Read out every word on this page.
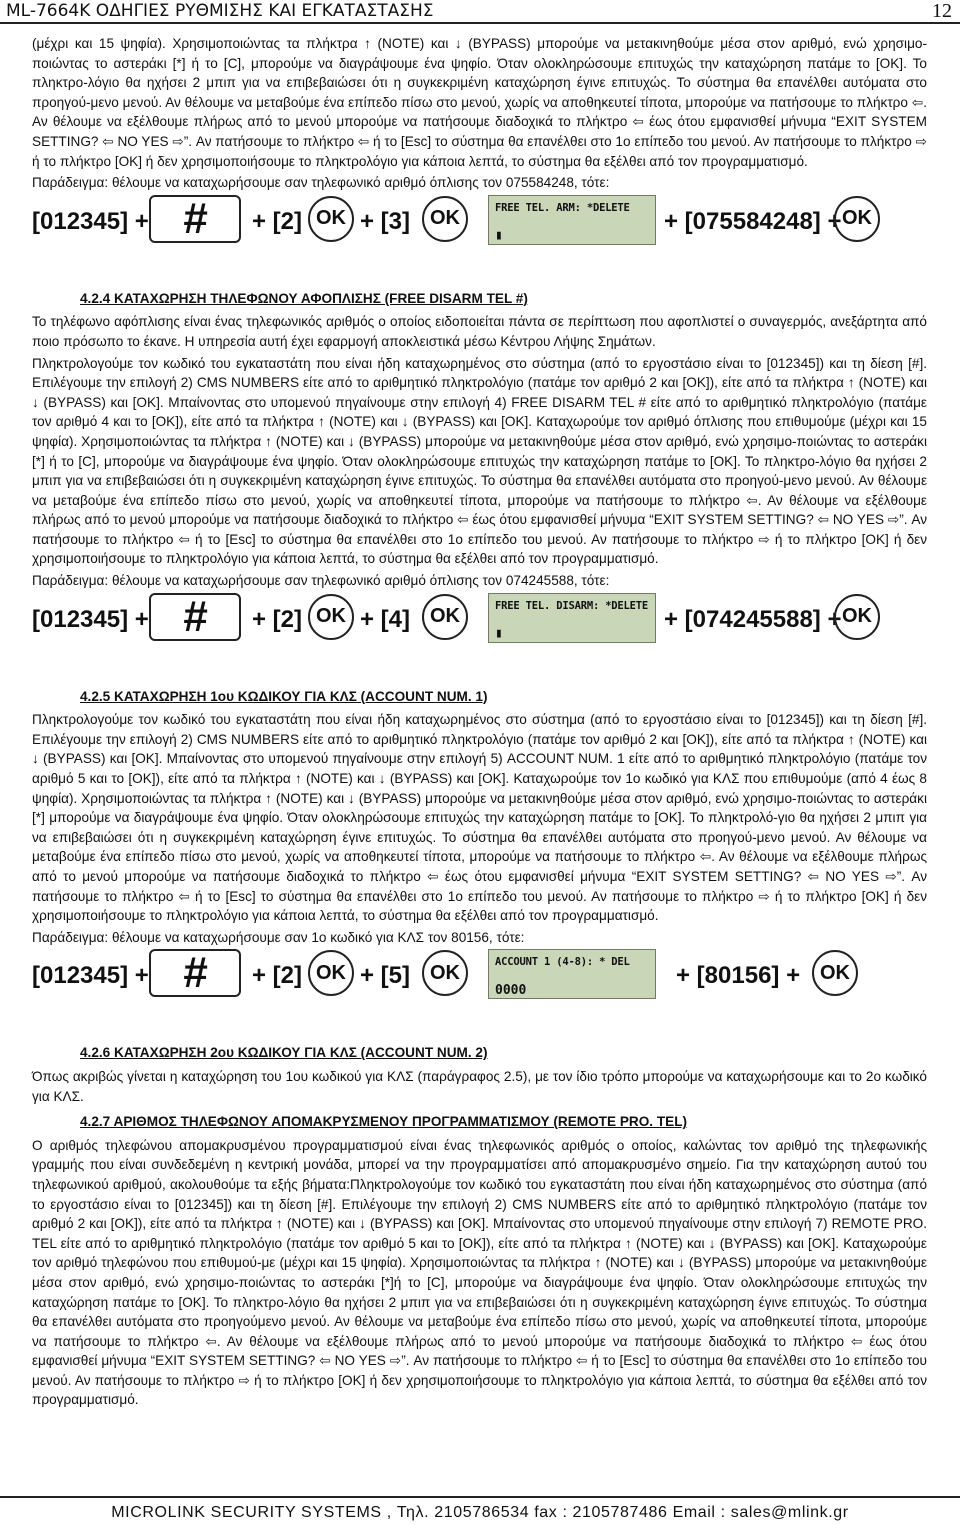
ML-7664K ΟΔΗΓΙΕΣ ΡΥΘΜΙΣΗΣ ΚΑΙ ΕΓΚΑΤΑΣΤΑΣΗΣ	12

(μέχρι και 15 ψηφία). Χρησιμοποιώντας τα πλήκτρα ↑ (NOTE) και ↓ (BYPASS) μπορούμε να μετακινηθούμε μέσα στον αριθμό, ενώ χρησιμο-ποιώντας το αστεράκι [*] ή το [C], μπορούμε να διαγράψουμε ένα ψηφίο. Όταν ολοκληρώσουμε επιτυχώς την καταχώρηση πατάμε το [OK]. Το πληκτρο-λόγιο θα ηχήσει 2 μπιπ για να επιβεβαιώσει ότι η συγκεκριμένη καταχώρηση έγινε επιτυχώς. Το σύστημα θα επανέλθει αυτόματα στο προηγού-μενο μενού. Αν θέλουμε να μεταβούμε ένα επίπεδο πίσω στο μενού, χωρίς να αποθηκευτεί τίποτα, μπορούμε να πατήσουμε το πλήκτρο ⇦. Αν θέλουμε να εξέλθουμε πλήρως από το μενού μπορούμε να πατήσουμε διαδοχικά το πλήκτρο ⇦ έως ότου εμφανισθεί μήνυμα “EXIT SYSTEM SETTING? ⇦ NO YES ⇨”. Αν πατήσουμε το πλήκτρο ⇦ ή το [Esc] το σύστημα θα επανέλθει στο 1ο επίπεδο του μενού. Αν πατήσουμε το πλήκτρο ⇨ ή το πλήκτρο [OK] ή δεν χρησιμοποιήσουμε το πληκτρολόγιο για κάποια λεπτά, το σύστημα θα εξέλθει από τον προγραμματισμό.

Παράδειγμα: θέλουμε να καταχωρήσουμε σαν τηλεφωνικό αριθμό όπλισης τον 075584248, τότε:

[012345] + # + [2] OK + [3] OK	FREE TEL. ARM: *DELETE
▮
+ [075584248] + OK

4.2.4 ΚΑΤΑΧΩΡΗΣΗ ΤΗΛΕΦΩΝΟΥ ΑΦΟΠΛΙΣΗΣ (FREE DISARM TEL #)

Το τηλέφωνο αφόπλισης είναι ένας τηλεφωνικός αριθμός ο οποίος ειδοποιείται πάντα σε περίπτωση που αφοπλιστεί ο συναγερμός, ανεξάρτητα από ποιο πρόσωπο το έκανε. Η υπηρεσία αυτή έχει εφαρμογή αποκλειστικά μέσω Κέντρου Λήψης Σημάτων.

Πληκτρολογούμε τον κωδικό του εγκαταστάτη που είναι ήδη καταχωρημένος στο σύστημα (από το εργοστάσιο είναι το [012345]) και τη δίεση [#]. Επιλέγουμε την επιλογή 2) CMS NUMBERS είτε από το αριθμητικό πληκτρολόγιο (πατάμε τον αριθμό 2 και [OK]), είτε από τα πλήκτρα ↑ (NOTE) και ↓ (BYPASS) και [OK]. Μπαίνοντας στο υπομενού πηγαίνουμε στην επιλογή 4) FREE DISARM TEL # είτε από το αριθμητικό πληκτρολόγιο (πατάμε τον αριθμό 4 και το [OK]), είτε από τα πλήκτρα ↑ (NOTE) και ↓ (BYPASS) και [OK]. Καταχωρούμε τον αριθμό όπλισης που επιθυμούμε (μέχρι και 15 ψηφία). Χρησιμοποιώντας τα πλήκτρα ↑ (NOTE) και ↓ (BYPASS) μπορούμε να μετακινηθούμε μέσα στον αριθμό, ενώ χρησιμο-ποιώντας το αστεράκι [*] ή το [C], μπορούμε να διαγράψουμε ένα ψηφίο. Όταν ολοκληρώσουμε επιτυχώς την καταχώρηση πατάμε το [OK]. Το πληκτρο-λόγιο θα ηχήσει 2 μπιπ για να επιβεβαιώσει ότι η συγκεκριμένη καταχώρηση έγινε επιτυχώς. Το σύστημα θα επανέλθει αυτόματα στο προηγού-μενο μενού. Αν θέλουμε να μεταβούμε ένα επίπεδο πίσω στο μενού, χωρίς να αποθηκευτεί τίποτα, μπορούμε να πατήσουμε το πλήκτρο ⇦. Αν θέλουμε να εξέλθουμε πλήρως από το μενού μπορούμε να πατήσουμε διαδοχικά το πλήκτρο ⇦ έως ότου εμφανισθεί μήνυμα “EXIT SYSTEM SETTING? ⇦ NO YES ⇨”. Αν πατήσουμε το πλήκτρο ⇦ ή το [Esc] το σύστημα θα επανέλθει στο 1ο επίπεδο του μενού. Αν πατήσουμε το πλήκτρο ⇨ ή το πλήκτρο [OK] ή δεν χρησιμοποιήσουμε το πληκτρολόγιο για κάποια λεπτά, το σύστημα θα εξέλθει από τον προγραμματισμό.

Παράδειγμα: θέλουμε να καταχωρήσουμε σαν τηλεφωνικό αριθμό όπλισης τον 074245588, τότε:

[012345] + # + [2] OK + [4] OK	FREE TEL. DISARM: *DELETE
▮
+ [074245588] + OK

4.2.5 ΚΑΤΑΧΩΡΗΣΗ 1ου ΚΩΔΙΚΟΥ ΓΙΑ ΚΛΣ (ACCOUNT NUM. 1)

Πληκτρολογούμε τον κωδικό του εγκαταστάτη που είναι ήδη καταχωρημένος στο σύστημα (από το εργοστάσιο είναι το [012345]) και τη δίεση [#]. Επιλέγουμε την επιλογή 2) CMS NUMBERS είτε από το αριθμητικό πληκτρολόγιο (πατάμε τον αριθμό 2 και [OK]), είτε από τα πλήκτρα ↑ (NOTE) και ↓ (BYPASS) και [OK]. Μπαίνοντας στο υπομενού πηγαίνουμε στην επιλογή 5) ACCOUNT NUM. 1 είτε από το αριθμητικό πληκτρολόγιο (πατάμε τον αριθμό 5 και το [OK]), είτε από τα πλήκτρα ↑ (NOTE) και ↓ (BYPASS) και [OK]. Καταχωρούμε τον 1ο κωδικό για ΚΛΣ που επιθυμούμε (από 4 έως 8 ψηφία). Χρησιμοποιώντας τα πλήκτρα ↑ (NOTE) και ↓ (BYPASS) μπορούμε να μετακινηθούμε μέσα στον αριθμό, ενώ χρησιμο-ποιώντας το αστεράκι [*] μπορούμε να διαγράψουμε ένα ψηφίο. Όταν ολοκληρώσουμε επιτυχώς την καταχώρηση πατάμε το [OK]. Το πληκτρολό-γιο θα ηχήσει 2 μπιπ για να επιβεβαιώσει ότι η συγκεκριμένη καταχώρηση έγινε επιτυχώς. Το σύστημα θα επανέλθει αυτόματα στο προηγού-μενο μενού. Αν θέλουμε να μεταβούμε ένα επίπεδο πίσω στο μενού, χωρίς να αποθηκευτεί τίποτα, μπορούμε να πατήσουμε το πλήκτρο ⇦. Αν θέλουμε να εξέλθουμε πλήρως από το μενού μπορούμε να πατήσουμε διαδοχικά το πλήκτρο ⇦ έως ότου εμφανισθεί μήνυμα “EXIT SYSTEM SETTING? ⇦ NO YES ⇨”. Αν πατήσουμε το πλήκτρο ⇦ ή το [Esc] το σύστημα θα επανέλθει στο 1ο επίπεδο του μενού. Αν πατήσουμε το πλήκτρο ⇨ ή το πλήκτρο [OK] ή δεν χρησιμοποιήσουμε το πληκτρολόγιο για κάποια λεπτά, το σύστημα θα εξέλθει από τον προγραμματισμό.

Παράδειγμα: θέλουμε να καταχωρήσουμε σαν 1ο κωδικό για ΚΛΣ τον 80156, τότε:

[012345] + # + [2] OK + [5] OK	ACCOUNT 1 (4-8): * DEL
0000
+ [80156] + OK

4.2.6 ΚΑΤΑΧΩΡΗΣΗ 2ου ΚΩΔΙΚΟΥ ΓΙΑ ΚΛΣ (ACCOUNT NUM. 2)

Όπως ακριβώς γίνεται η καταχώρηση του 1ου κωδικού για ΚΛΣ (παράγραφος 2.5), με τον ίδιο τρόπο μπορούμε να καταχωρήσουμε και το 2ο κωδικό για ΚΛΣ.

4.2.7 ΑΡΙΘΜΟΣ ΤΗΛΕΦΩΝΟΥ ΑΠΟΜΑΚΡΥΣΜΕΝΟΥ ΠΡΟΓΡΑΜΜΑΤΙΣΜΟΥ (REMOTE PRO. TEL)

Ο αριθμός τηλεφώνου απομακρυσμένου προγραμματισμού είναι ένας τηλεφωνικός αριθμός ο οποίος, καλώντας τον αριθμό της τηλεφωνικής γραμμής που είναι συνδεδεμένη η κεντρική μονάδα, μπορεί να την προγραμματίσει από απομακρυσμένο σημείο. Για την καταχώρηση αυτού του τηλεφωνικού αριθμού, ακολουθούμε τα εξής βήματα:Πληκτρολογούμε τον κωδικό του εγκαταστάτη που είναι ήδη καταχωρημένος στο σύστημα (από το εργοστάσιο είναι το [012345]) και τη δίεση [#]. Επιλέγουμε την επιλογή 2) CMS NUMBERS είτε από το αριθμητικό πληκτρολόγιο (πατάμε τον αριθμό 2 και [OK]), είτε από τα πλήκτρα ↑ (NOTE) και ↓ (BYPASS) και [OK]. Μπαίνοντας στο υπομενού πηγαίνουμε στην επιλογή 7) REMOTE PRO. TEL είτε από το αριθμητικό πληκτρολόγιο (πατάμε τον αριθμό 5 και το [OK]), είτε από τα πλήκτρα ↑ (NOTE) και ↓ (BYPASS) και [OK]. Καταχωρούμε τον αριθμό τηλεφώνου που επιθυμού-με (μέχρι και 15 ψηφία). Χρησιμοποιώντας τα πλήκτρα ↑ (NOTE) και ↓ (BYPASS) μπορούμε να μετακινηθούμε μέσα στον αριθμό, ενώ χρησιμο-ποιώντας το αστεράκι [*]ή το [C], μπορούμε να διαγράψουμε ένα ψηφίο. Όταν ολοκληρώσουμε επιτυχώς την καταχώρηση πατάμε το [OK]. Το πληκτρο-λόγιο θα ηχήσει 2 μπιπ για να επιβεβαιώσει ότι η συγκεκριμένη καταχώρηση έγινε επιτυχώς. Το σύστημα θα επανέλθει αυτόματα στο προηγούμενο μενού. Αν θέλουμε να μεταβούμε ένα επίπεδο πίσω στο μενού, χωρίς να αποθηκευτεί τίποτα, μπορούμε να πατήσουμε το πλήκτρο ⇦. Αν θέλουμε να εξέλθουμε πλήρως από το μενού μπορούμε να πατήσουμε διαδοχικά το πλήκτρο ⇦ έως ότου εμφανισθεί μήνυμα “EXIT SYSTEM SETTING? ⇦ NO YES ⇨”. Αν πατήσουμε το πλήκτρο ⇦ ή το [Esc] το σύστημα θα επανέλθει στο 1ο επίπεδο του μενού. Αν πατήσουμε το πλήκτρο ⇨ ή το πλήκτρο [OK] ή δεν χρησιμοποιήσουμε το πληκτρολόγιο για κάποια λεπτά, το σύστημα θα εξέλθει από τον προγραμματισμό.

MICROLINK SECURITY SYSTEMS , Τηλ. 2105786534 fax : 2105787486 Email : sales@mlink.gr
